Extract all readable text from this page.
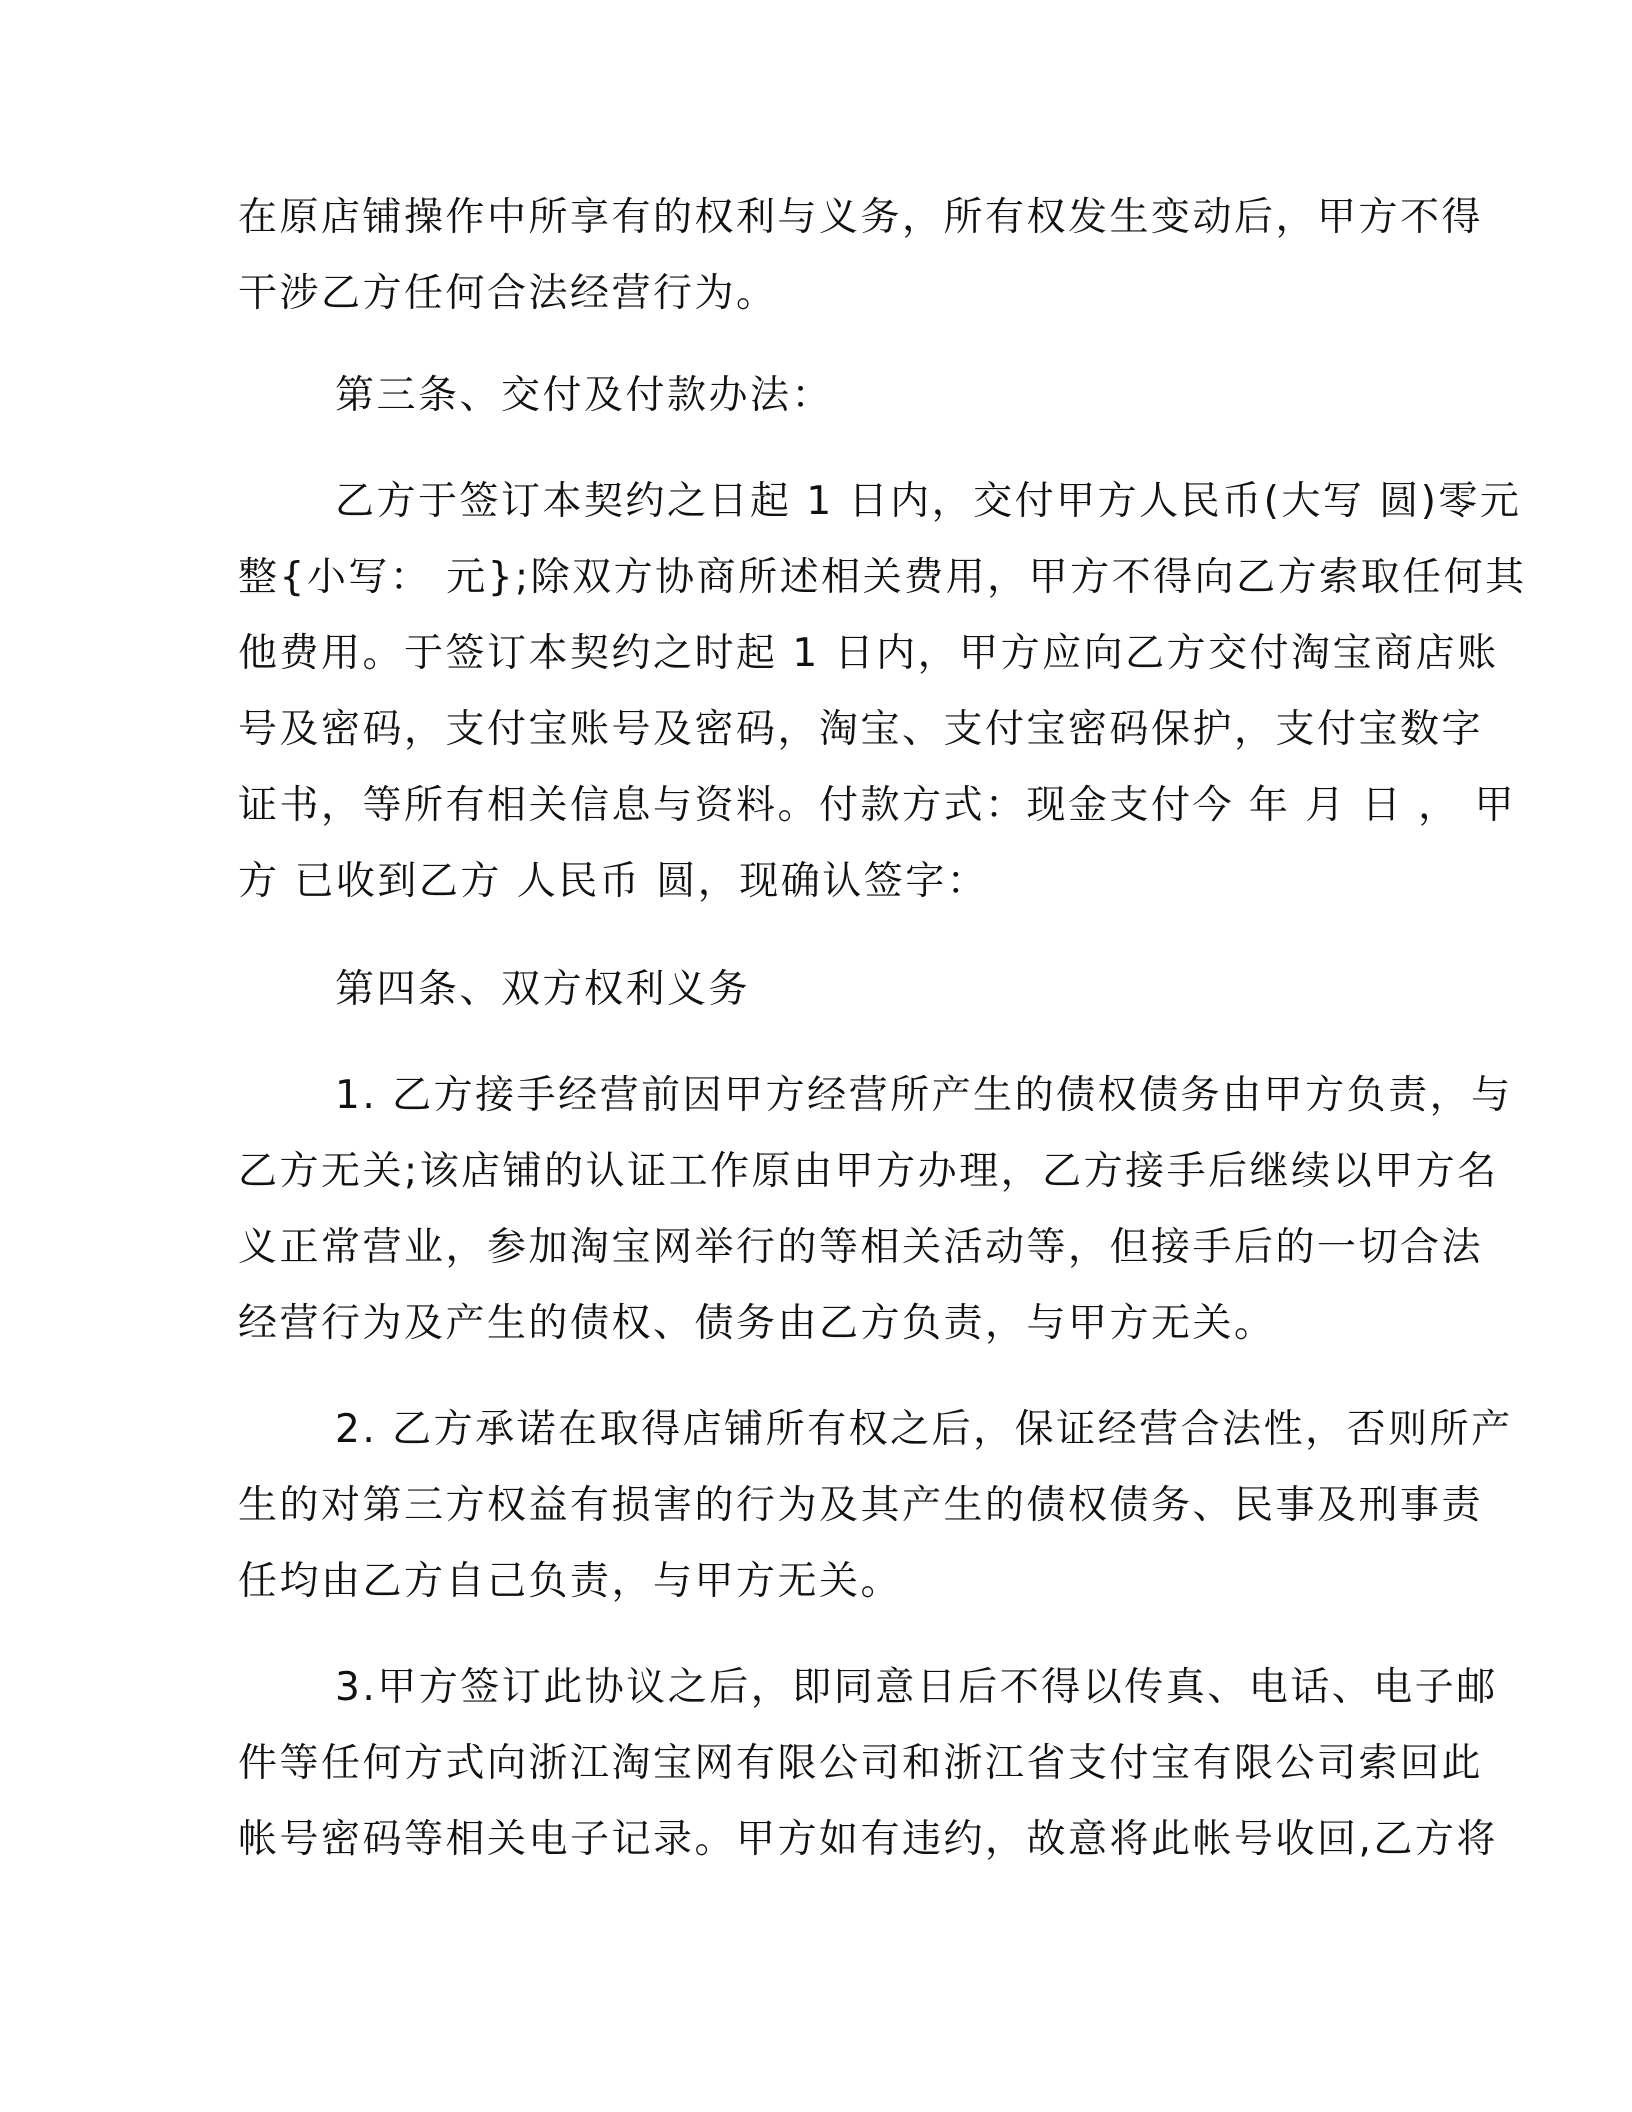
在原店铺操作中所享有的权利与义务，所有权发生变动后，甲方不得
干涉乙方任何合法经营行为。
第三条、交付及付款办法：
乙方于签订本契约之日起 1 日内，交付甲方人民币(大写 圆)零元
整{小写： 元};除双方协商所述相关费用，甲方不得向乙方索取任何其
他费用。于签订本契约之时起 1 日内，甲方应向乙方交付淘宝商店账
号及密码，支付宝账号及密码，淘宝、支付宝密码保护，支付宝数字
证书，等所有相关信息与资料。付款方式：现金支付今 年 月 日 ， 甲
方 已收到乙方 人民币 圆，现确认签字：
第四条、双方权利义务
1. 乙方接手经营前因甲方经营所产生的债权债务由甲方负责，与
乙方无关;该店铺的认证工作原由甲方办理，乙方接手后继续以甲方名
义正常营业，参加淘宝网举行的等相关活动等，但接手后的一切合法
经营行为及产生的债权、债务由乙方负责，与甲方无关。
2. 乙方承诺在取得店铺所有权之后，保证经营合法性，否则所产
生的对第三方权益有损害的行为及其产生的债权债务、民事及刑事责
任均由乙方自己负责，与甲方无关。
3.甲方签订此协议之后，即同意日后不得以传真、电话、电子邮
件等任何方式向浙江淘宝网有限公司和浙江省支付宝有限公司索回此
帐号密码等相关电子记录。甲方如有违约，故意将此帐号收回,乙方将
